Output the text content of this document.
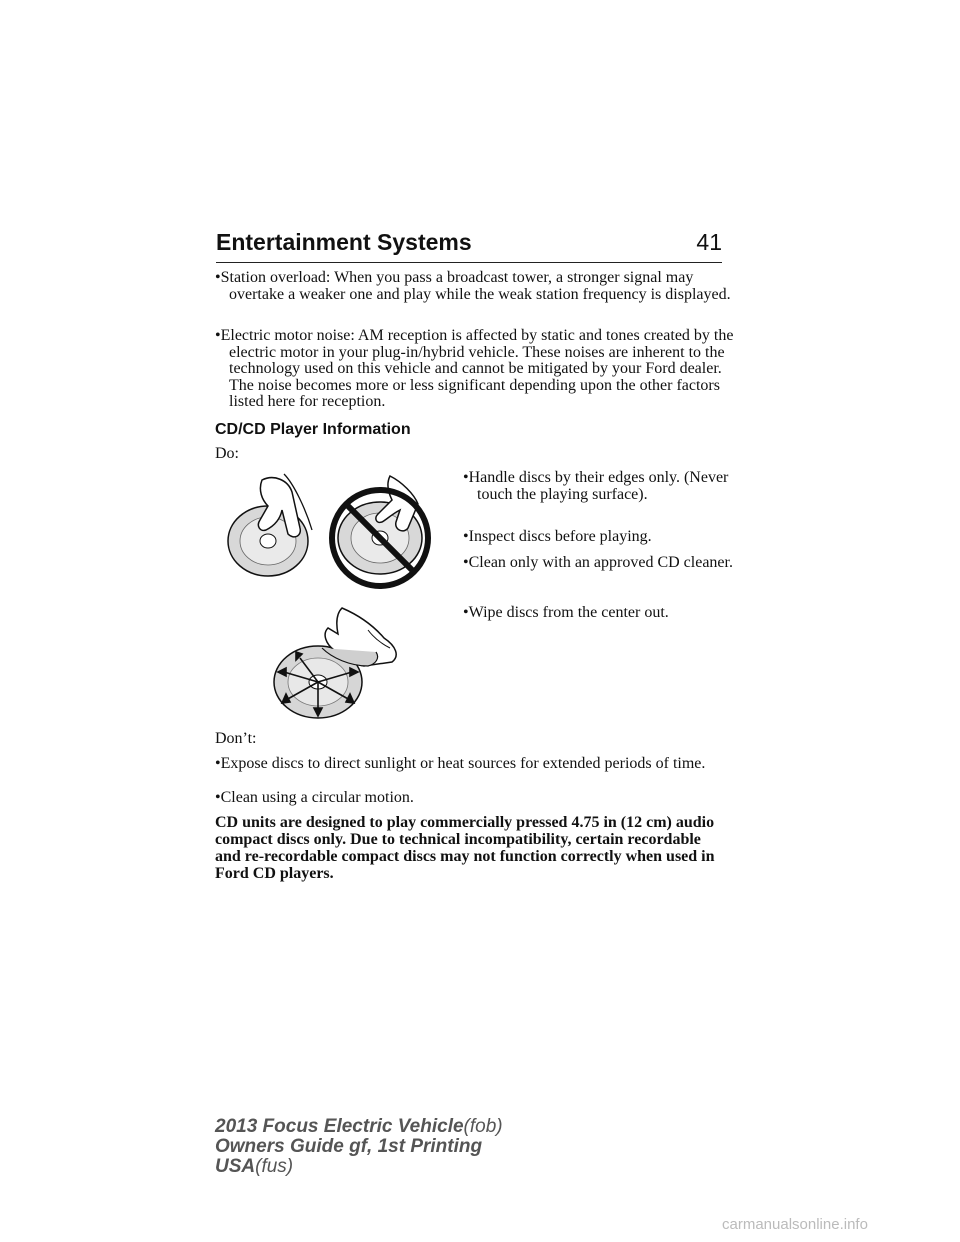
Entertainment Systems	41
•Station overload: When you pass a broadcast tower, a stronger signal may overtake a weaker one and play while the weak station frequency is displayed.
•Electric motor noise: AM reception is affected by static and tones created by the electric motor in your plug-in/hybrid vehicle. These noises are inherent to the technology used on this vehicle and cannot be mitigated by your Ford dealer. The noise becomes more or less significant depending upon the other factors listed here for reception.
CD/CD Player Information
Do:
•Handle discs by their edges only. (Never touch the playing surface).
•Inspect discs before playing.
•Clean only with an approved CD cleaner.
•Wipe discs from the center out.
Don’t:
•Expose discs to direct sunlight or heat sources for extended periods of time.
•Clean using a circular motion.
CD units are designed to play commercially pressed 4.75 in (12 cm) audio compact discs only. Due to technical incompatibility, certain recordable and re-recordable compact discs may not function correctly when used in Ford CD players.
2013 Focus Electric Vehicle(fob)
Owners Guide gf, 1st Printing
USA(fus)
carmanualsonline.info
